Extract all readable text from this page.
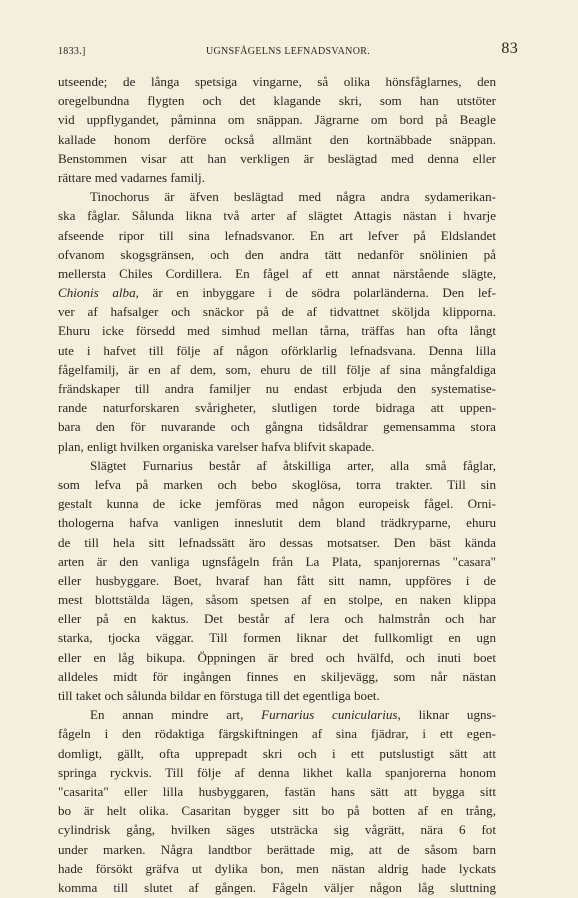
1833.]	UGNSFÅGELNS LEFNADSVANOR.	83
utseende; de långa spetsiga vingarne, så olika hönsfåglarnes, den
oregelbundna flygten och det klagande skri, som han utstöter
vid uppflygandet, påminna om snäppan. Jägrarne om bord på Beagle
kallade honom derföre också allmänt den kortnäbbade snäppan.
Benstommen visar att han verkligen är beslägtad med denna eller
rättare med vadarnes familj.
Tinochorus är äfven beslägtad med några andra sydamerikan-
ska fåglar. Sålunda likna två arter af slägtet Attagis nästan i hvarje
afseende ripor till sina lefnadsvanor. En art lefver på Eldslandet
ofvanom skogsgränsen, och den andra tätt nedanför snölinien på
mellersta Chiles Cordillera. En fågel af ett annat närstående slägte,
Chionis alba, är en inbyggare i de södra polarländerna. Den lef-
ver af hafsalger och snäckor på de af tidvattnet sköljda klipporna.
Ehuru icke försedd med simhud mellan tårna, träffas han ofta långt
ute i hafvet till följe af någon oförklarlig lefnadsvana. Denna lilla
fågelfamilj, är en af dem, som, ehuru de till följe af sina mångfaldiga
frändskaper till andra familjer nu endast erbjuda den systematise-
rande naturforskaren svårigheter, slutligen torde bidraga att uppen-
bara den för nuvarande och gångna tidsåldrar gemensamma stora
plan, enligt hvilken organiska varelser hafva blifvit skapade.
Slägtet Furnarius består af åtskilliga arter, alla små fåglar,
som lefva på marken och bebo skoglösa, torra trakter. Till sin
gestalt kunna de icke jemföras med någon europeisk fågel. Orni-
thologerna hafva vanligen inneslutit dem bland trädkryparne, ehuru
de till hela sitt lefnadssätt äro dessas motsatser. Den bäst kända
arten är den vanliga ugnsfågeln från La Plata, spanjorernas "casara"
eller husbyggare. Boet, hvaraf han fått sitt namn, uppföres i de
mest blottstälda lägen, såsom spetsen af en stolpe, en naken klippa
eller på en kaktus. Det består af lera och halmstrån och har
starka, tjocka väggar. Till formen liknar det fullkomligt en ugn
eller en låg bikupa. Öppningen är bred och hvälfd, och inuti boet
alldeles midt för ingången finnes en skiljevägg, som når nästan
till taket och sålunda bildar en förstuga till det egentliga boet.
En annan mindre art, Furnarius cunicularius, liknar ugns-
fågeln i den rödaktiga färgskiftningen af sina fjädrar, i ett egen-
domligt, gällt, ofta upprepadt skri och i ett putslustigt sätt att
springa ryckvis. Till följe af denna likhet kalla spanjorerna honom
"casarita" eller lilla husbyggaren, fastän hans sätt att bygga sitt
bo är helt olika. Casaritan bygger sitt bo på botten af en trång,
cylindrisk gång, hvilken säges utsträcka sig vågrätt, nära 6 fot
under marken. Några landtbor berättade mig, att de såsom barn
hade försökt gräfva ut dylika bon, men nästan aldrig hade lyckats
komma till slutet af gången. Fågeln väljer någon låg sluttning
